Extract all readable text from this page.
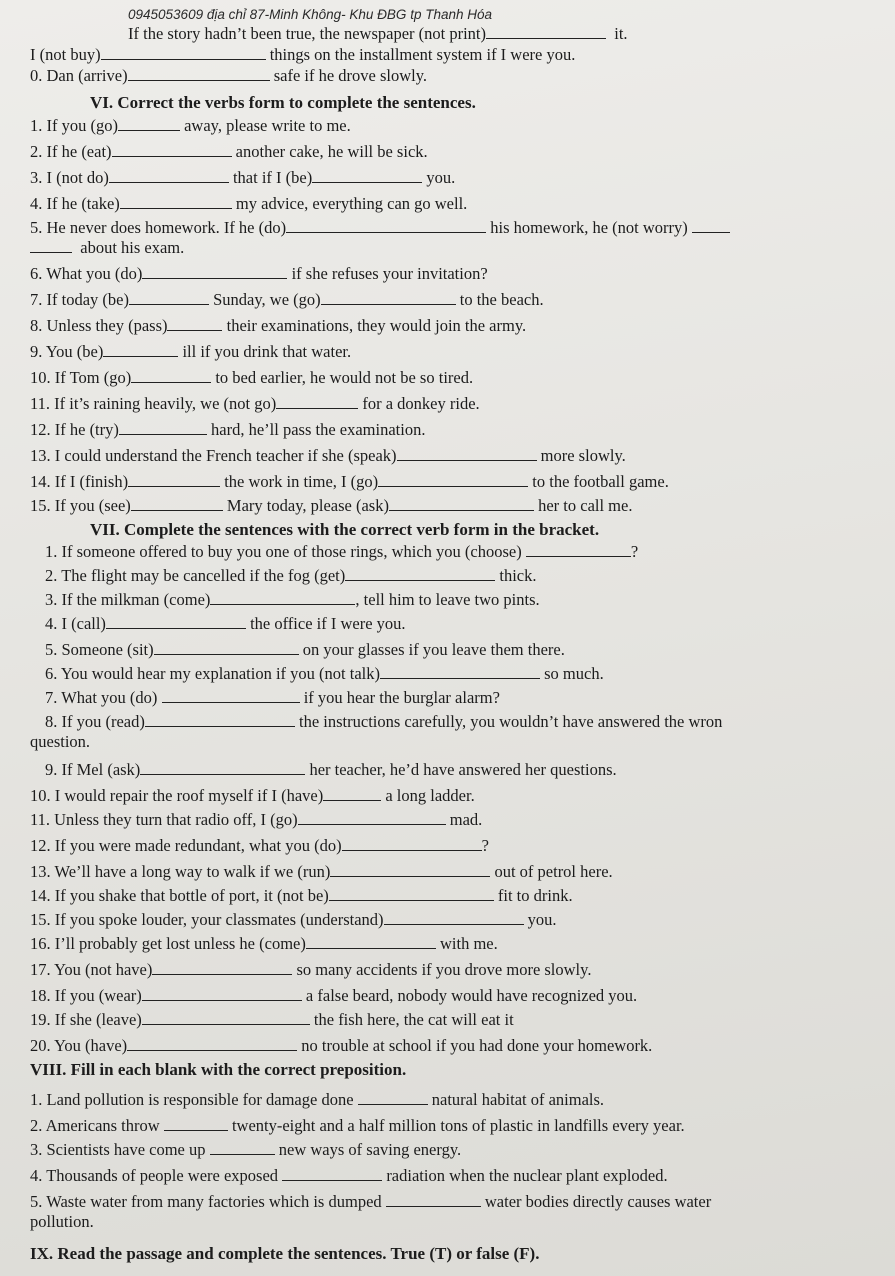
0945053609 địa chỉ 87-Minh Không- Khu ĐBG tp Thanh Hóa
If the story hadn’t been true, the newspaper (not print)	it.
I (not buy)	things on the installment system if I were you.
0. Dan (arrive)	safe if he drove slowly.
VI. Correct the verbs form to complete the sentences.
1. If you (go)	away, please write to me.
2. If he (eat)	another cake, he will be sick.
3. I (not do)	that if I (be)	you.
4. If he (take)	my advice, everything can go well.
5. He never does homework. If he (do)	his homework, he (not worry)
about his exam.
6. What you (do)	if she refuses your invitation?
7. If today (be)	Sunday, we (go)	to the beach.
8. Unless they (pass)	their examinations, they would join the army.
9. You (be)	ill if you drink that water.
10. If Tom (go)	to bed earlier, he would not be so tired.
11. If it’s raining heavily, we (not go)	for a donkey ride.
12. If he (try)	hard, he’ll pass the examination.
13. I could understand the French teacher if she (speak)	more slowly.
14. If I (finish)	the work in time, I (go)	to the football game.
15. If you (see)	Mary today, please (ask)	her to call me.
VII. Complete the sentences with the correct verb form in the bracket.
1. If someone offered to buy you one of those rings, which you (choose)	?
2. The flight may be cancelled if the fog (get)	thick.
3. If the milkman (come)	, tell him to leave two pints.
4. I (call)	the office if I were you.
5. Someone (sit)	on your glasses if you leave them there.
6. You would hear my explanation if you (not talk)	so much.
7. What you (do)	if you hear the burglar alarm?
8. If you (read)	the instructions carefully, you wouldn’t have answered the wron
question.
9. If Mel (ask)	her teacher, he’d have answered her questions.
10. I would repair the roof myself if I (have)	a long ladder.
11. Unless they turn that radio off, I (go)	mad.
12. If you were made redundant, what you (do)	?
13. We’ll have a long way to walk if we (run)	out of petrol here.
14. If you shake that bottle of port, it (not be)	fit to drink.
15. If you spoke louder, your classmates (understand)	you.
16. I’ll probably get lost unless he (come)	with me.
17. You (not have)	so many accidents if you drove more slowly.
18. If you (wear)	a false beard, nobody would have recognized you.
19. If she (leave)	the fish here, the cat will eat it
20. You (have)	no trouble at school if you had done your homework.
VIII. Fill in each blank with the correct preposition.
1. Land pollution is responsible for damage done	natural habitat of animals.
2. Americans throw	twenty-eight and a half million tons of plastic in landfills every year.
3. Scientists have come up	new ways of saving energy.
4. Thousands of people were exposed	radiation when the nuclear plant exploded.
5. Waste water from many factories which is dumped	water bodies directly causes water
pollution.
IX. Read the passage and complete the sentences. True (T) or false (F).
